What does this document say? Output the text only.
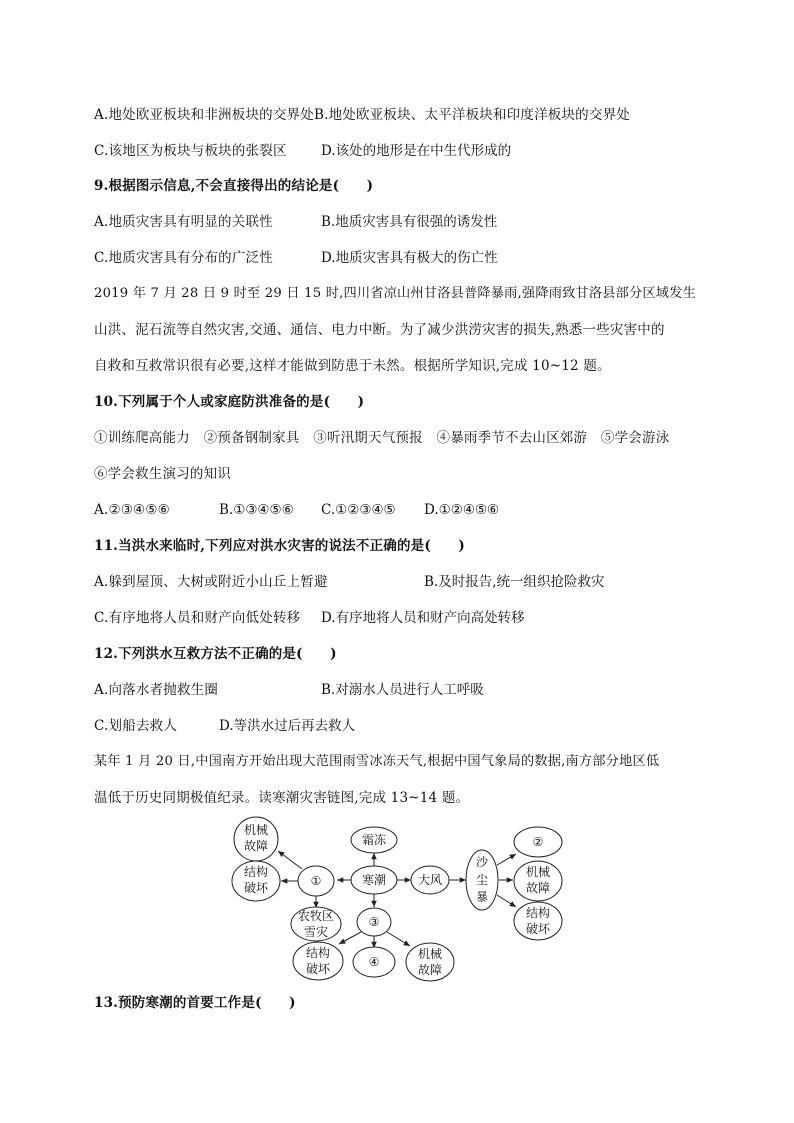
A.地处欧亚板块和非洲板块的交界处B.地处欧亚板块、太平洋板块和印度洋板块的交界处
C.该地区为板块与板块的张裂区	D.该处的地形是在中生代形成的
9.根据图示信息,不会直接得出的结论是(　　)
A.地质灾害具有明显的关联性	B.地质灾害具有很强的诱发性
C.地质灾害具有分布的广泛性	D.地质灾害具有极大的伤亡性
2019 年 7 月 28 日 9 时至 29 日 15 时,四川省凉山州甘洛县普降暴雨,强降雨致甘洛县部分区域发生
山洪、泥石流等自然灾害,交通、通信、电力中断。为了减少洪涝灾害的损失,熟悉一些灾害中的
自救和互救常识很有必要,这样才能做到防患于未然。根据所学知识,完成 10~12 题。
10.下列属于个人或家庭防洪准备的是(　　)
①训练爬高能力　②预备钢制家具　③听汛期天气预报　④暴雨季节不去山区郊游　⑤学会游泳
⑥学会救生演习的知识
A.②③④⑤⑥	B.①③④⑤⑥ C.①②③④⑤ D.①②④⑤⑥
11.当洪水来临时,下列应对洪水灾害的说法不正确的是(　　)
A.躲到屋顶、大树或附近小山丘上暂避	B.及时报告,统一组织抢险救灾
C.有序地将人员和财产向低处转移 D.有序地将人员和财产向高处转移
12.下列洪水互救方法不正确的是(　　)
A.向落水者抛救生圈	B.对溺水人员进行人工呼吸
C.划船去救人	D.等洪水过后再去救人
某年 1 月 20 日,中国南方开始出现大范围雨雪冰冻天气,根据中国气象局的数据,南方部分地区低
温低于历史同期极值纪录。读寒潮灾害链图,完成 13~14 题。
寒潮
霜冻
①	大风
③
沙
尘
暴
机械
故障
结构
破坏
农牧区
雪灾
结构
破坏	④
机械
故障
②
机械
故障
结构
破坏
13.预防寒潮的首要工作是(　　)
